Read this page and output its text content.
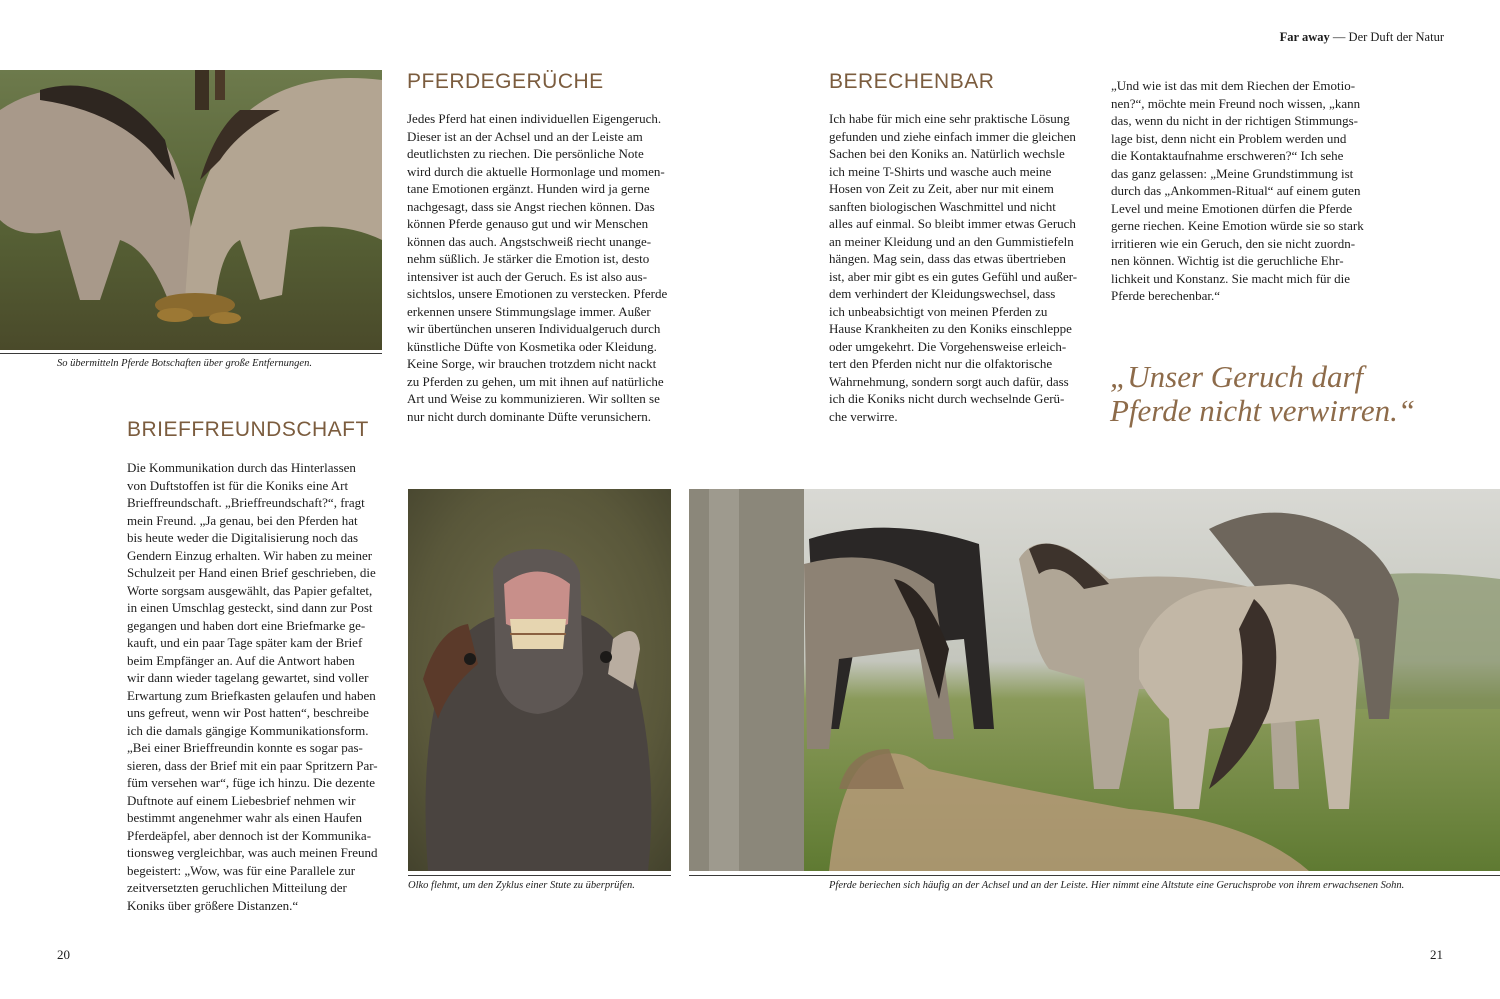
Far away — Der Duft der Natur
So übermitteln Pferde Botschaften über große Entfernungen.
BRIEFFREUNDSCHAFT
Die Kommunikation durch das Hinterlassen
von Duftstoffen ist für die Koniks eine Art
Brieffreundschaft. „Brieffreundschaft?“, fragt
mein Freund. „Ja genau, bei den Pferden hat
bis heute weder die Digitalisierung noch das
Gendern Einzug erhalten. Wir haben zu meiner
Schulzeit per Hand einen Brief geschrieben, die
Worte sorgsam ausgewählt, das Papier gefaltet,
in einen Umschlag gesteckt, sind dann zur Post
gegangen und haben dort eine Briefmarke ge-
kauft, und ein paar Tage später kam der Brief
beim Empfänger an. Auf die Antwort haben
wir dann wieder tagelang gewartet, sind voller
Erwartung zum Briefkasten gelaufen und haben
uns gefreut, wenn wir Post hatten“, beschreibe
ich die damals gängige Kommunikationsform.
„Bei einer Brieffreundin konnte es sogar pas-
sieren, dass der Brief mit ein paar Spritzern Par-
füm versehen war“, füge ich hinzu. Die dezente
Duftnote auf einem Liebesbrief nehmen wir
bestimmt angenehmer wahr als einen Haufen
Pferdeäpfel, aber dennoch ist der Kommunika-
tionsweg vergleichbar, was auch meinen Freund
begeistert: „Wow, was für eine Parallele zur
zeitversetzten geruchlichen Mitteilung der
Koniks über größere Distanzen.“
PFERDEGERÜCHE
Jedes Pferd hat einen individuellen Eigengeruch.
Dieser ist an der Achsel und an der Leiste am
deutlichsten zu riechen. Die persönliche Note
wird durch die aktuelle Hormonlage und momen-
tane Emotionen ergänzt. Hunden wird ja gerne
nachgesagt, dass sie Angst riechen können. Das
können Pferde genauso gut und wir Menschen
können das auch. Angstschweiß riecht unange-
nehm süßlich. Je stärker die Emotion ist, desto
intensiver ist auch der Geruch. Es ist also aus-
sichtslos, unsere Emotionen zu verstecken. Pferde
erkennen unsere Stimmungslage immer. Außer
wir übertünchen unseren Individualgeruch durch
künstliche Düfte von Kosmetika oder Kleidung.
Keine Sorge, wir brauchen trotzdem nicht nackt
zu Pferden zu gehen, um mit ihnen auf natürliche
Art und Weise zu kommunizieren. Wir sollten se
nur nicht durch dominante Düfte verunsichern.
Olko flehmt, um den Zyklus einer Stute zu überprüfen.
BERECHENBAR
Ich habe für mich eine sehr praktische Lösung
gefunden und ziehe einfach immer die gleichen
Sachen bei den Koniks an. Natürlich wechsle
ich meine T-Shirts und wasche auch meine
Hosen von Zeit zu Zeit, aber nur mit einem
sanften biologischen Waschmittel und nicht
alles auf einmal. So bleibt immer etwas Geruch
an meiner Kleidung und an den Gummistiefeln
hängen. Mag sein, dass das etwas übertrieben
ist, aber mir gibt es ein gutes Gefühl und außer-
dem verhindert der Kleidungswechsel, dass
ich unbeabsichtigt von meinen Pferden zu
Hause Krankheiten zu den Koniks einschleppe
oder umgekehrt. Die Vorgehensweise erleich-
tert den Pferden nicht nur die olfaktorische
Wahrnehmung, sondern sorgt auch dafür, dass
ich die Koniks nicht durch wechselnde Gerü-
che verwirre.
„Und wie ist das mit dem Riechen der Emotio-
nen?“, möchte mein Freund noch wissen, „kann
das, wenn du nicht in der richtigen Stimmungs-
lage bist, denn nicht ein Problem werden und
die Kontaktaufnahme erschweren?“ Ich sehe
das ganz gelassen: „Meine Grundstimmung ist
durch das „Ankommen-Ritual“ auf einem guten
Level und meine Emotionen dürfen die Pferde
gerne riechen. Keine Emotion würde sie so stark
irritieren wie ein Geruch, den sie nicht zuordn-
nen können. Wichtig ist die geruchliche Ehr-
lichkeit und Konstanz. Sie macht mich für die
Pferde berechenbar.“
„Unser Geruch darf
Pferde nicht verwirren.“
Pferde beriechen sich häufig an der Achsel und an der Leiste. Hier nimmt eine Altstute eine Geruchsprobe von ihrem erwachsenen Sohn.
20	21
